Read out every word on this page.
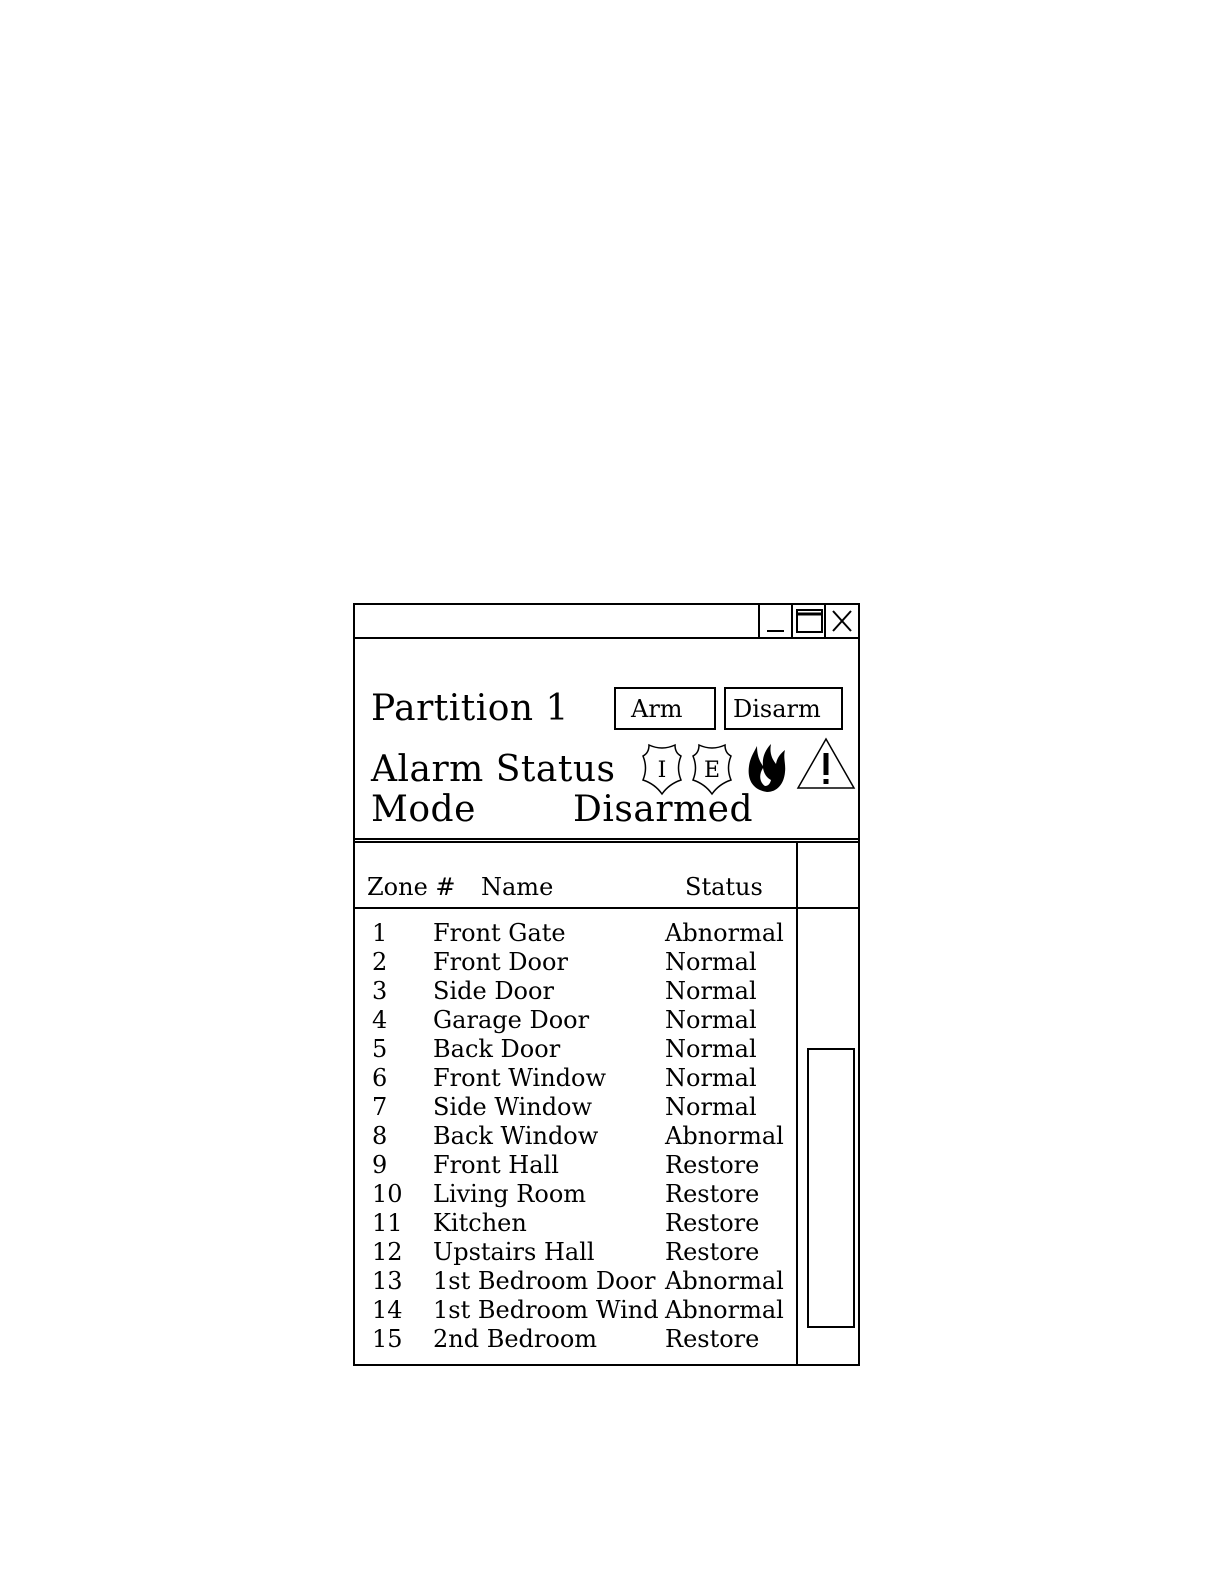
Partition 1	Arm	Disarm
Alarm Status I E
Mode	Disarmed
Zone # Name	Status
1 Front Gate	Abnormal
2 Front Door	Normal
3 Side Door	Normal
4 Garage Door	Normal
5 Back Door	Normal
6 Front Window Normal
7 Side Window	Normal
8 Back Window	Abnormal
9 Front Hall	Restore
10 Living Room	Restore
11 Kitchen	Restore
12 Upstairs Hall	Restore
13 1st Bedroom Door Abnormal
14 1st Bedroom Wind Abnormal
15 2nd Bedroom	Restore
